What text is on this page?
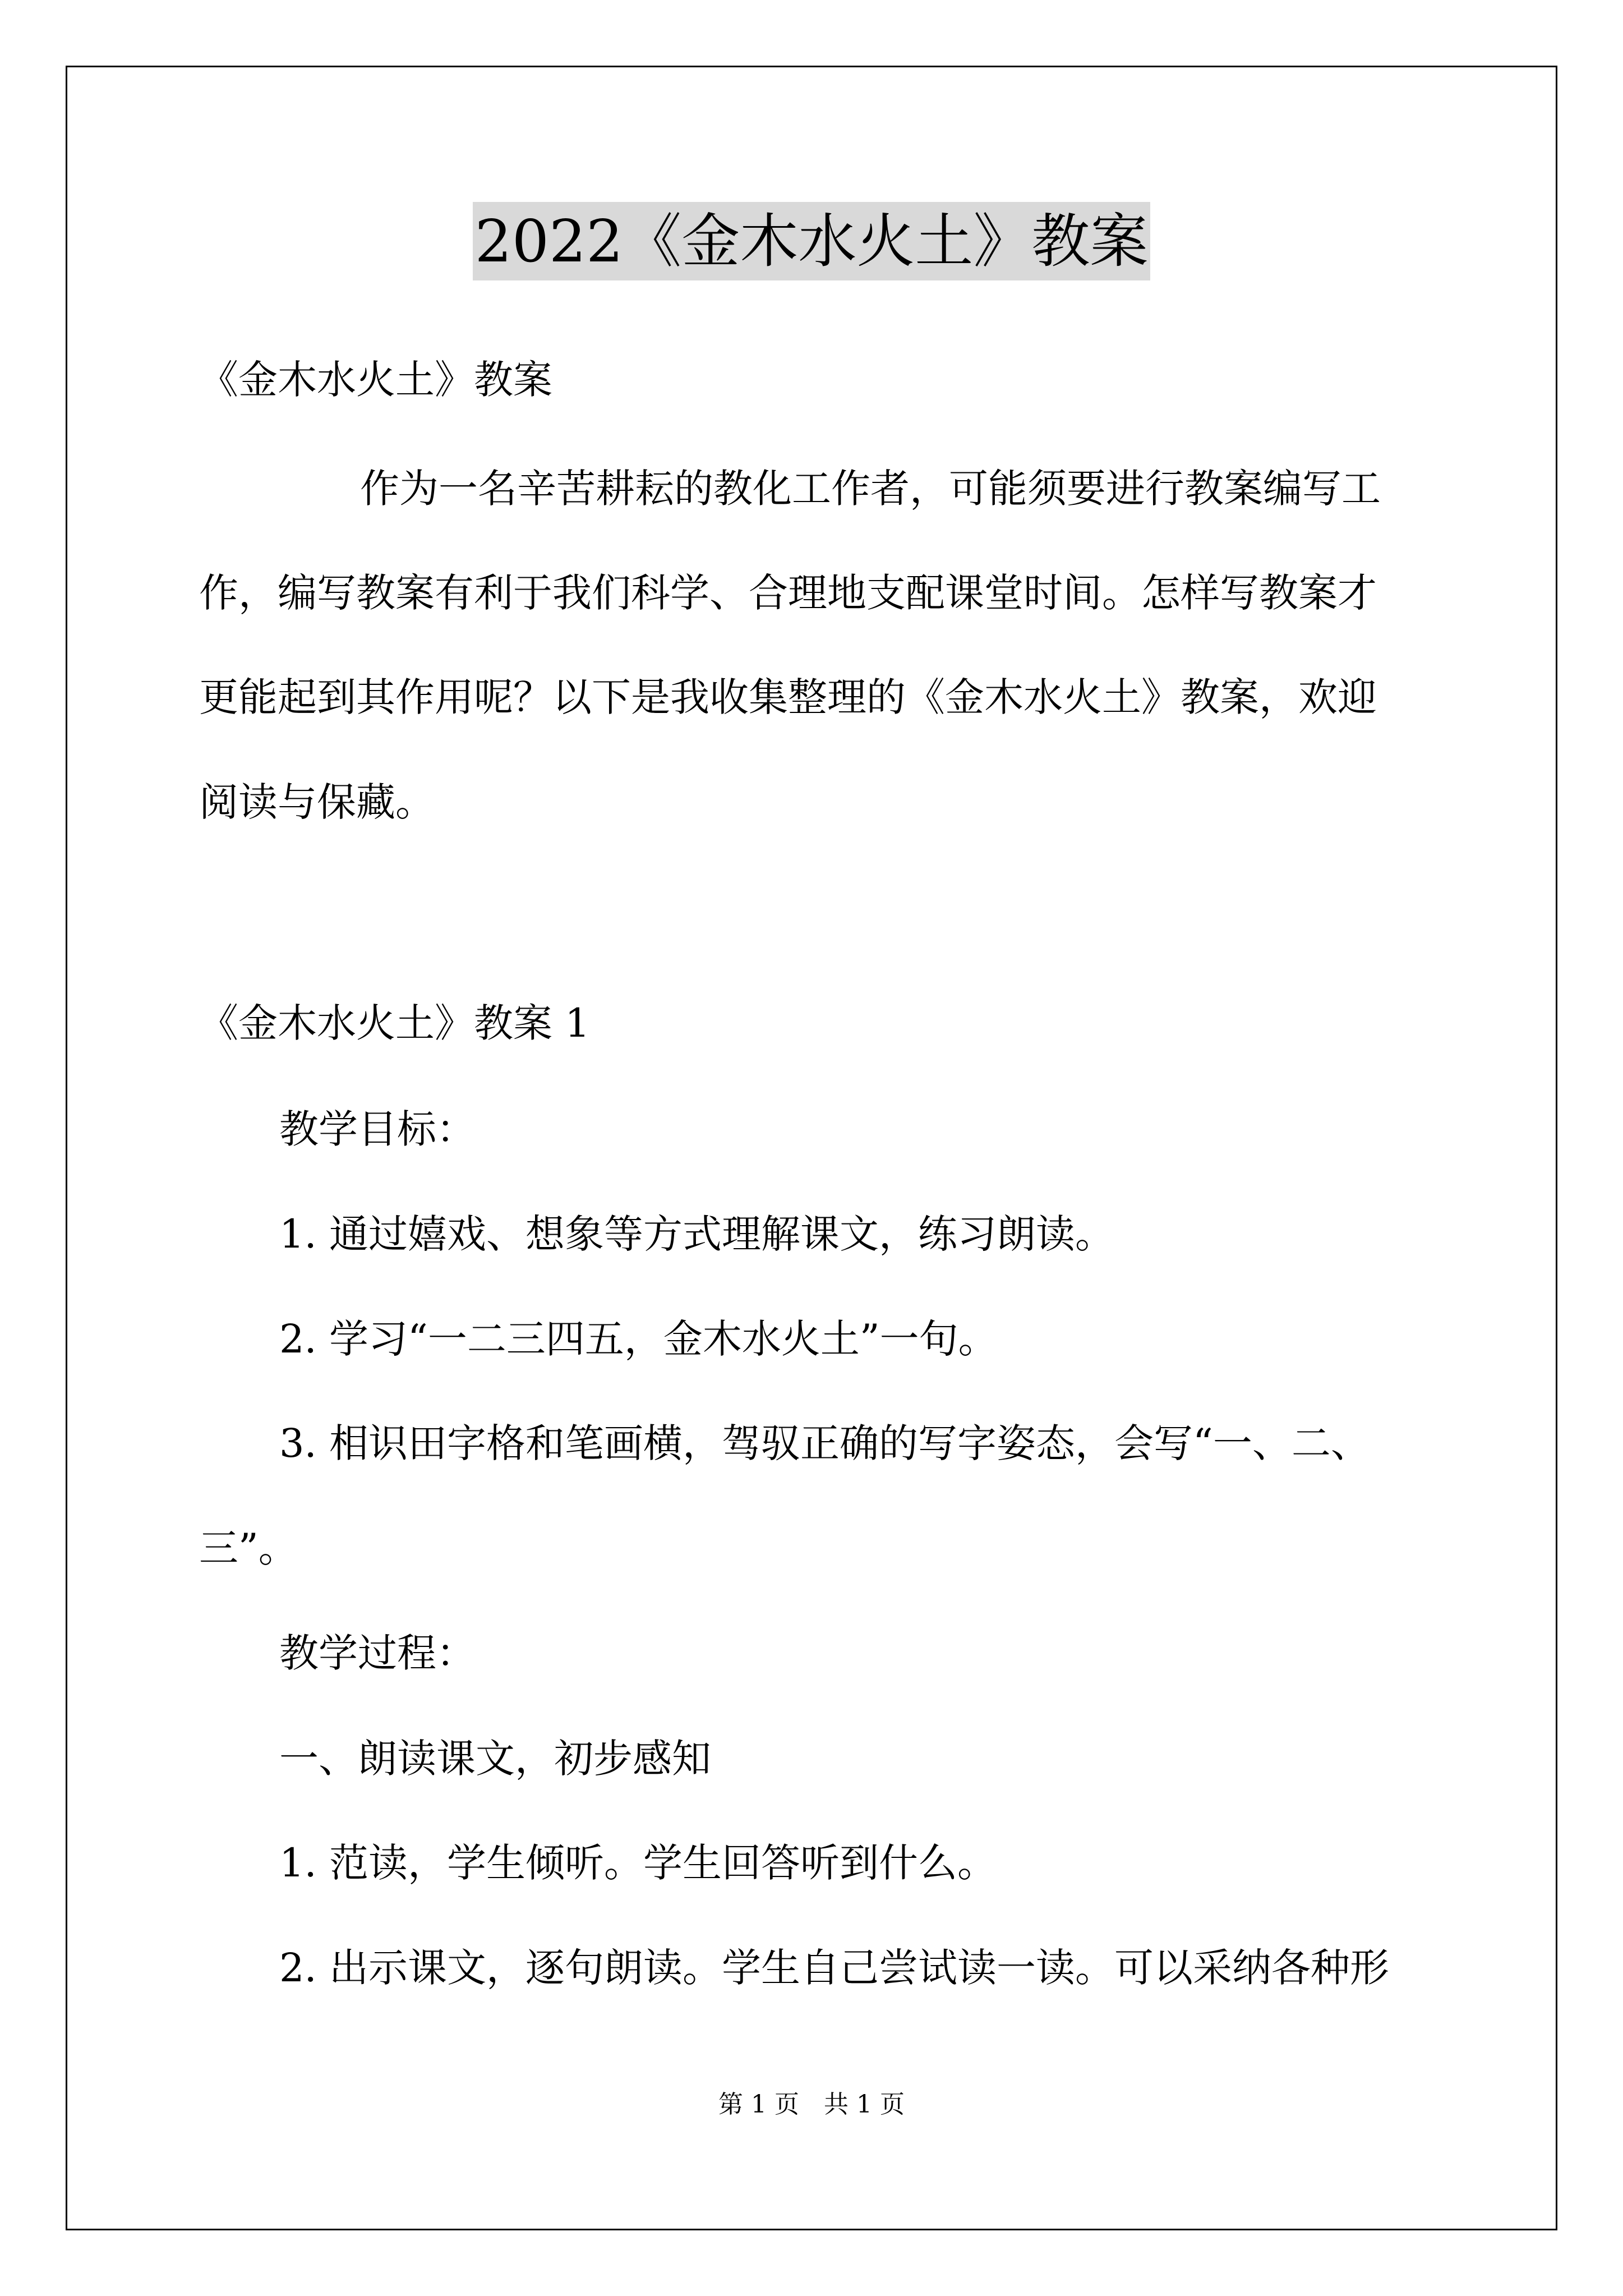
2022《金木水火土》教案
《金木水火土》教案
作为一名辛苦耕耘的教化工作者，可能须要进行教案编写工
作，编写教案有利于我们科学、合理地支配课堂时间。怎样写教案才
更能起到其作用呢？以下是我收集整理的《金木水火土》教案，欢迎
阅读与保藏。
《金木水火土》教案 1
教学目标：
1. 通过嬉戏、想象等方式理解课文，练习朗读。
2. 学习“一二三四五，金木水火土”一句。
3. 相识田字格和笔画横，驾驭正确的写字姿态，会写“一、二、
三”。
教学过程：
一、朗读课文，初步感知
1. 范读，学生倾听。学生回答听到什么。
2. 出示课文，逐句朗读。学生自己尝试读一读。可以采纳各种形
第 1 页　共 1 页
